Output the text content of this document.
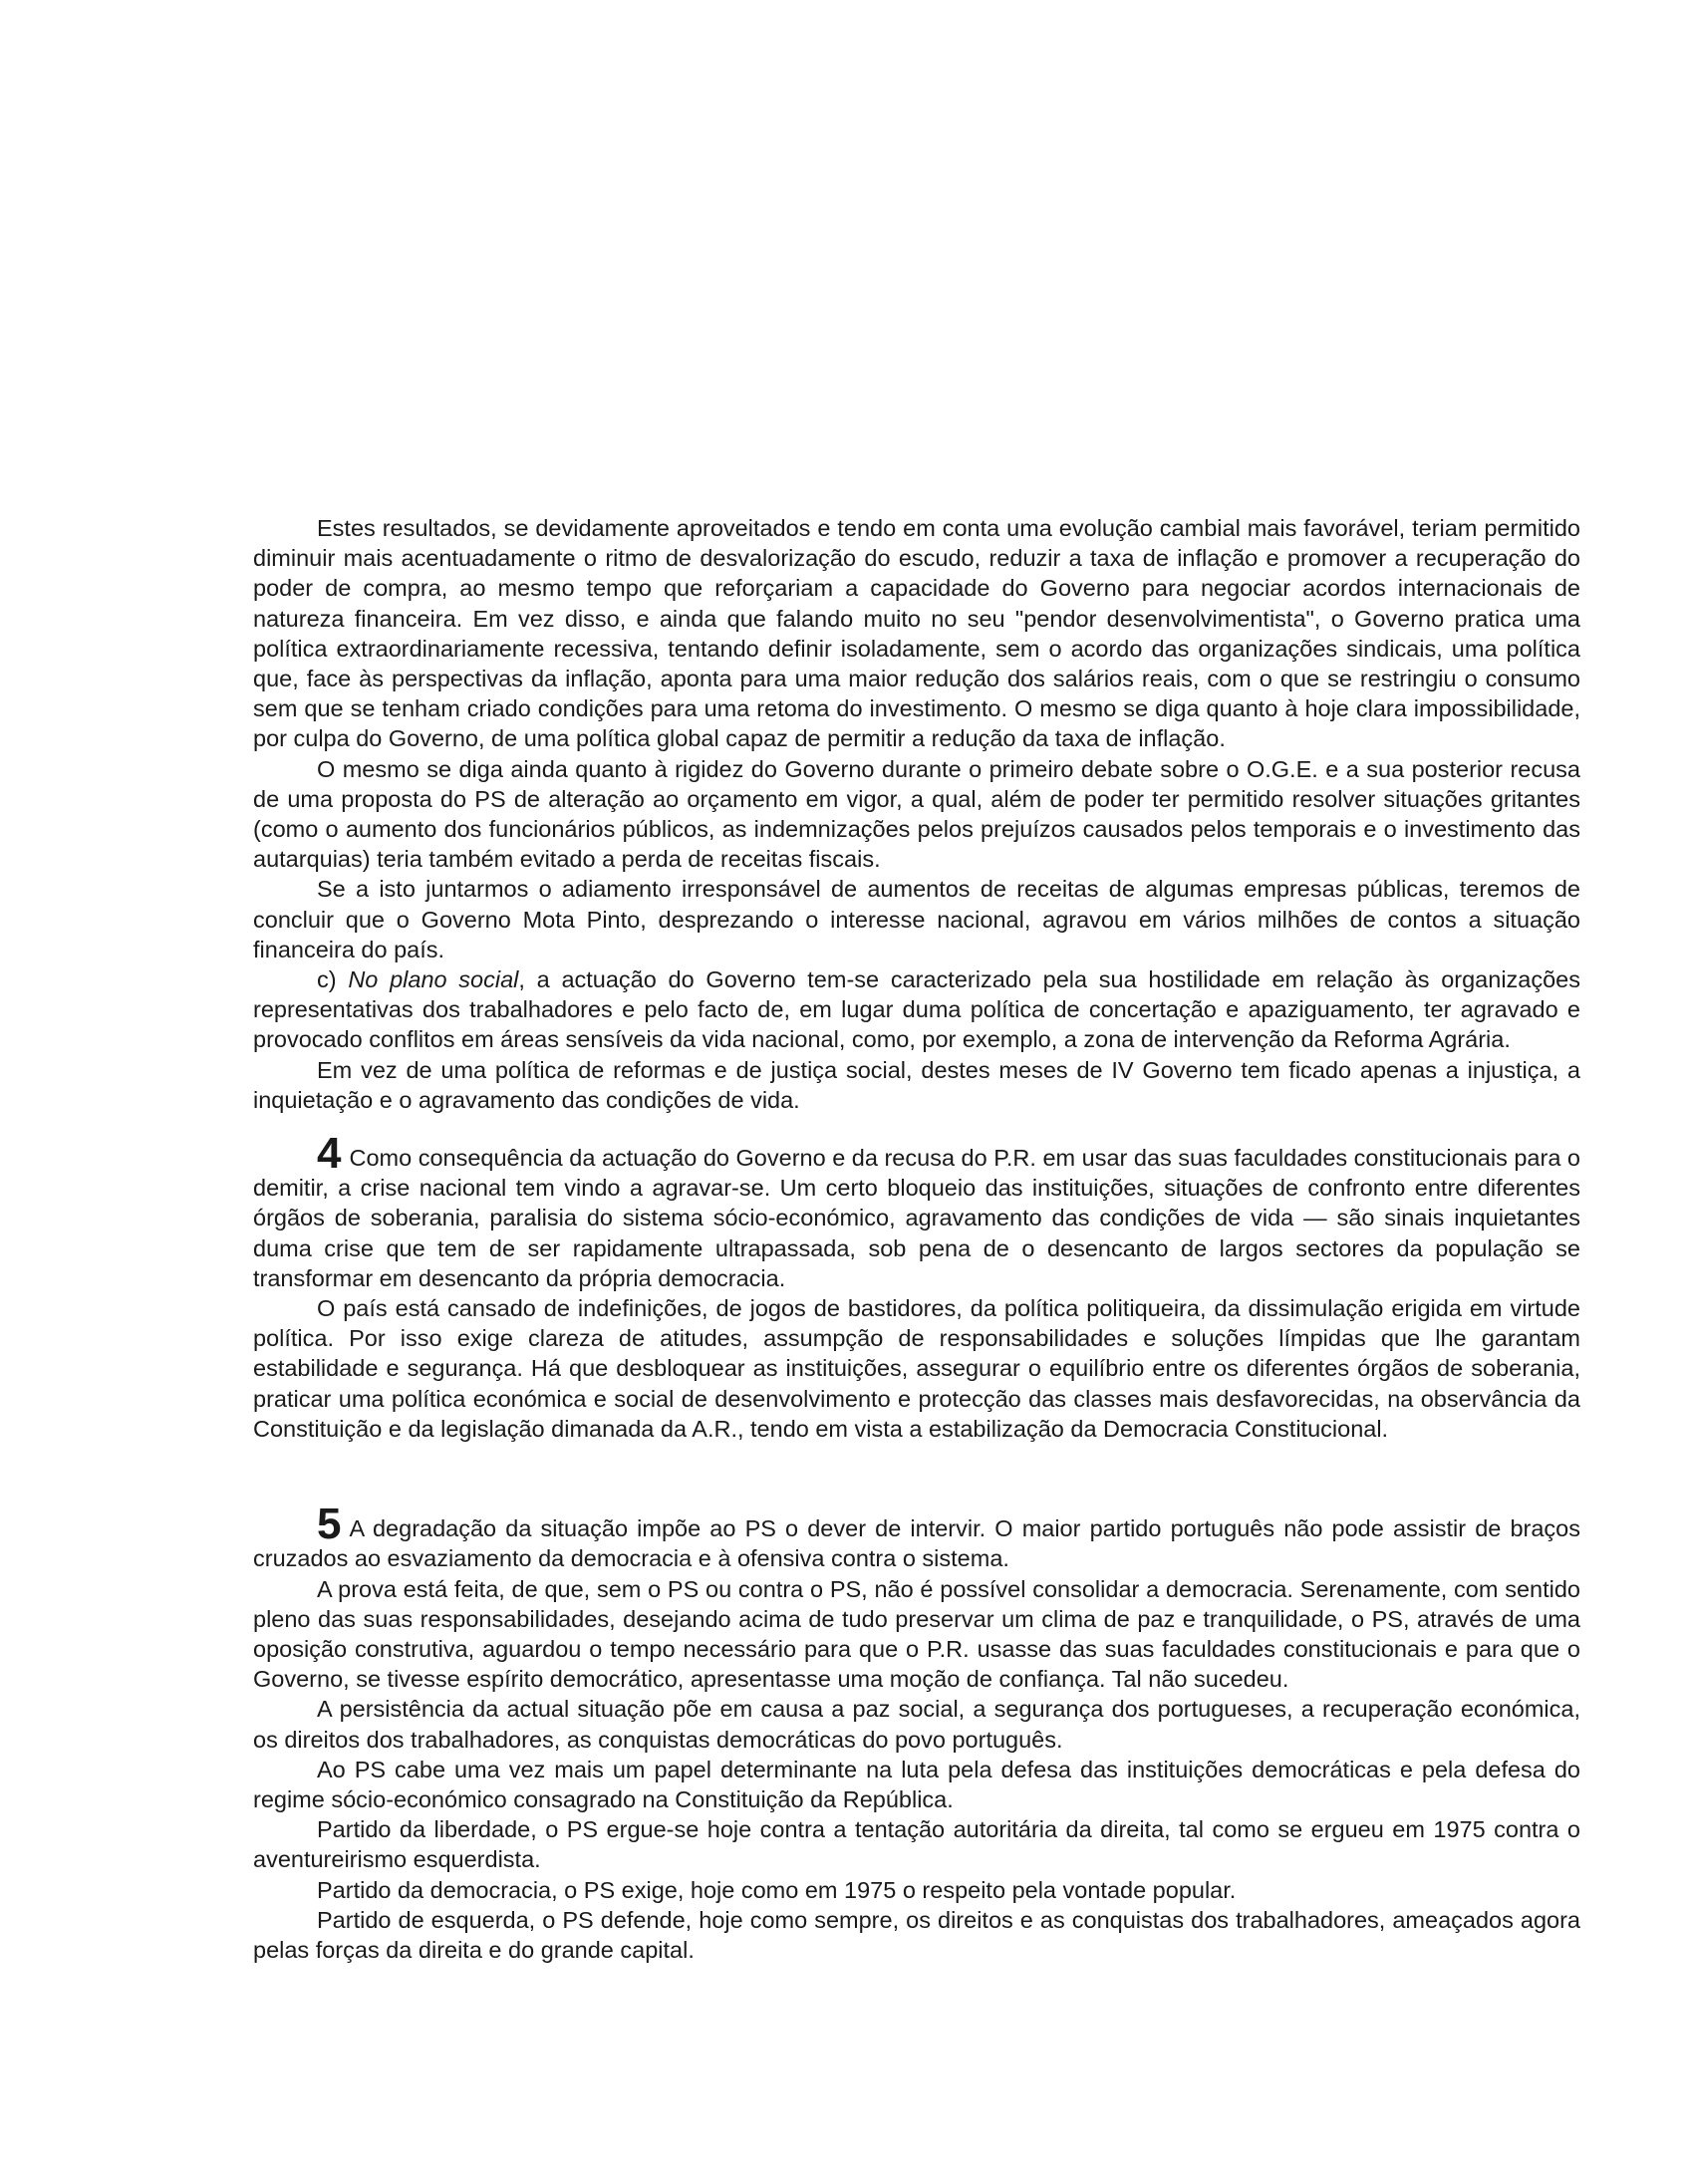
Estes resultados, se devidamente aproveitados e tendo em conta uma evolução cambial mais favorável, teriam permitido diminuir mais acentuadamente o ritmo de desvalorização do escudo, reduzir a taxa de inflação e promover a recuperação do poder de compra, ao mesmo tempo que reforçariam a capacidade do Governo para negociar acordos internacionais de natureza financeira. Em vez disso, e ainda que falando muito no seu "pendor desenvolvimentista", o Governo pratica uma política extraordinariamente recessiva, tentando definir isoladamente, sem o acordo das organizações sindicais, uma política que, face às perspectivas da inflação, aponta para uma maior redução dos salários reais, com o que se restringiu o consumo sem que se tenham criado condições para uma retoma do investimento. O mesmo se diga quanto à hoje clara impossibilidade, por culpa do Governo, de uma política global capaz de permitir a redução da taxa de inflação.

O mesmo se diga ainda quanto à rigidez do Governo durante o primeiro debate sobre o O.G.E. e a sua posterior recusa de uma proposta do PS de alteração ao orçamento em vigor, a qual, além de poder ter permitido resolver situações gritantes (como o aumento dos funcionários públicos, as indemnizações pelos prejuízos causados pelos temporais e o investimento das autarquias) teria também evitado a perda de receitas fiscais.

Se a isto juntarmos o adiamento irresponsável de aumentos de receitas de algumas empresas públicas, teremos de concluir que o Governo Mota Pinto, desprezando o interesse nacional, agravou em vários milhões de contos a situação financeira do país.

c) No plano social, a actuação do Governo tem-se caracterizado pela sua hostilidade em relação às organizações representativas dos trabalhadores e pelo facto de, em lugar duma política de concertação e apaziguamento, ter agravado e provocado conflitos em áreas sensíveis da vida nacional, como, por exemplo, a zona de intervenção da Reforma Agrária.

Em vez de uma política de reformas e de justiça social, destes meses de IV Governo tem ficado apenas a injustiça, a inquietação e o agravamento das condições de vida.

4 Como consequência da actuação do Governo e da recusa do P.R. em usar das suas faculdades constitucionais para o demitir, a crise nacional tem vindo a agravar-se. Um certo bloqueio das instituições, situações de confronto entre diferentes órgãos de soberania, paralisia do sistema sócio-económico, agravamento das condições de vida — são sinais inquietantes duma crise que tem de ser rapidamente ultrapassada, sob pena de o desencanto de largos sectores da população se transformar em desencanto da própria democracia.

O país está cansado de indefinições, de jogos de bastidores, da política politiqueira, da dissimulação erigida em virtude política. Por isso exige clareza de atitudes, assumpção de responsabilidades e soluções límpidas que lhe garantam estabilidade e segurança. Há que desbloquear as instituições, assegurar o equilíbrio entre os diferentes órgãos de soberania, praticar uma política económica e social de desenvolvimento e protecção das classes mais desfavorecidas, na observância da Constituição e da legislação dimanada da A.R., tendo em vista a estabilização da Democracia Constitucional.

5 A degradação da situação impõe ao PS o dever de intervir. O maior partido português não pode assistir de braços cruzados ao esvaziamento da democracia e à ofensiva contra o sistema.

A prova está feita, de que, sem o PS ou contra o PS, não é possível consolidar a democracia. Serenamente, com sentido pleno das suas responsabilidades, desejando acima de tudo preservar um clima de paz e tranquilidade, o PS, através de uma oposição construtiva, aguardou o tempo necessário para que o P.R. usasse das suas faculdades constitucionais e para que o Governo, se tivesse espírito democrático, apresentasse uma moção de confiança. Tal não sucedeu.

A persistência da actual situação põe em causa a paz social, a segurança dos portugueses, a recuperação económica, os direitos dos trabalhadores, as conquistas democráticas do povo português.

Ao PS cabe uma vez mais um papel determinante na luta pela defesa das instituições democráticas e pela defesa do regime sócio-económico consagrado na Constituição da República.

Partido da liberdade, o PS ergue-se hoje contra a tentação autoritária da direita, tal como se ergueu em 1975 contra o aventureirismo esquerdista.

Partido da democracia, o PS exige, hoje como em 1975 o respeito pela vontade popular.

Partido de esquerda, o PS defende, hoje como sempre, os direitos e as conquistas dos trabalhadores, ameaçados agora pelas forças da direita e do grande capital.
